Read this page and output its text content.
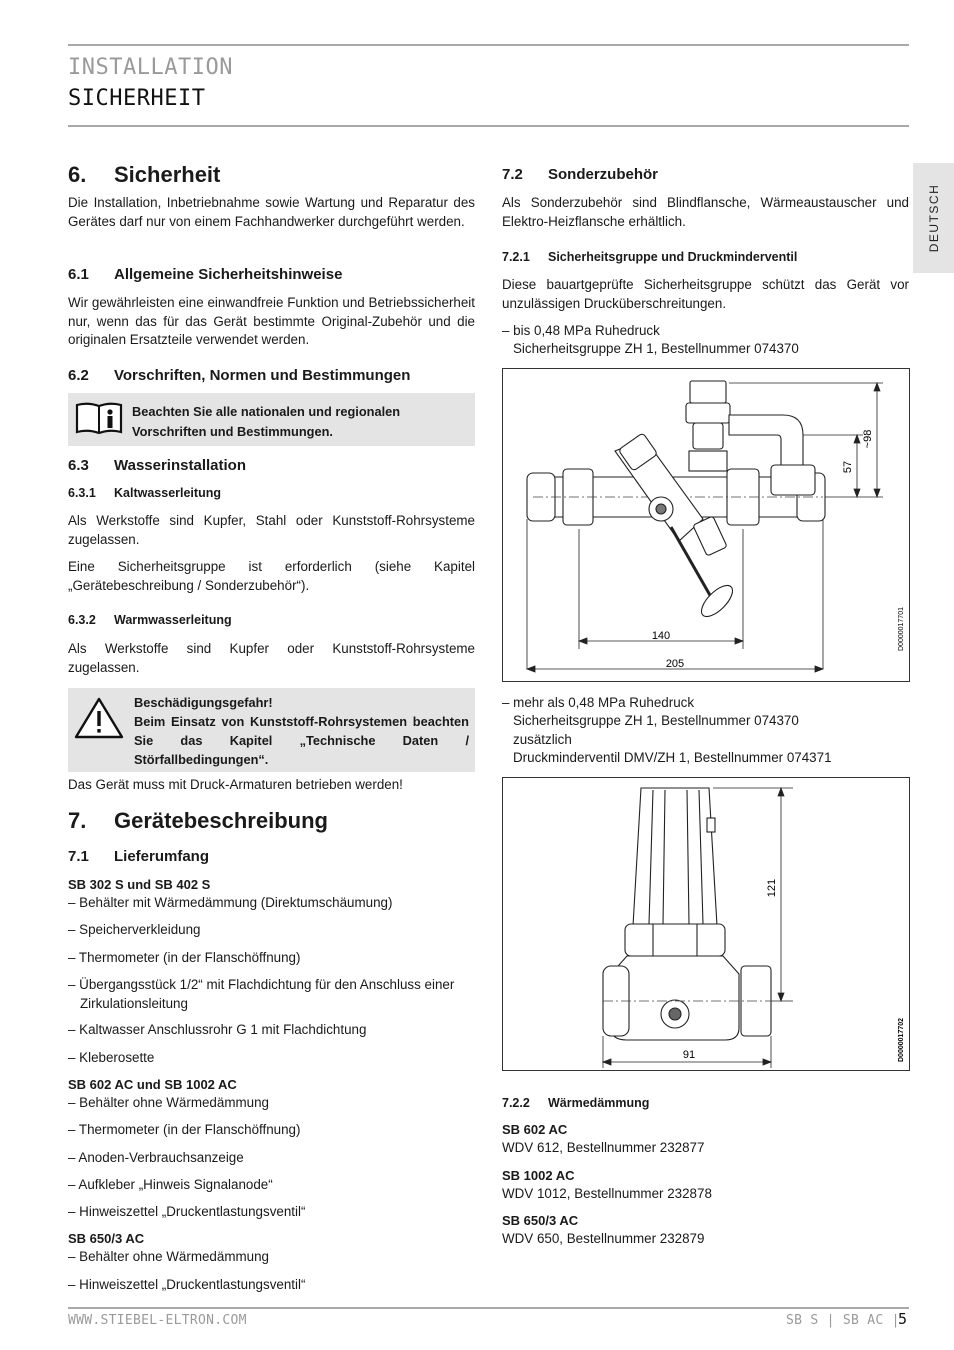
INSTALLATION
SICHERHEIT
DEUTSCH
6. Sicherheit
Die Installation, Inbetriebnahme sowie Wartung und Reparatur des Gerätes darf nur von einem Fachhandwerker durchgeführt werden.
6.1 Allgemeine Sicherheitshinweise
Wir gewährleisten eine einwandfreie Funktion und Betriebssicherheit nur, wenn das für das Gerät bestimmte Original-Zubehör und die originalen Ersatzteile verwendet werden.
6.2 Vorschriften, Normen und Bestimmungen
Beachten Sie alle nationalen und regionalen Vorschriften und Bestimmungen.
6.3 Wasserinstallation
6.3.1 Kaltwasserleitung
Als Werkstoffe sind Kupfer, Stahl oder Kunststoff-Rohrsysteme zugelassen.
Eine Sicherheitsgruppe ist erforderlich (siehe Kapitel „Gerätebeschreibung / Sonderzubehör“).
6.3.2 Warmwasserleitung
Als Werkstoffe sind Kupfer oder Kunststoff-Rohrsysteme zugelassen.
Beschädigungsgefahr!
Beim Einsatz von Kunststoff-Rohrsystemen beachten Sie das Kapitel „Technische Daten / Störfallbedingungen“.
Das Gerät muss mit Druck-Armaturen betrieben werden!
7. Gerätebeschreibung
7.1 Lieferumfang
SB 302 S und SB 402 S
– Behälter mit Wärmedämmung (Direktumschäumung)
– Speicherverkleidung
– Thermometer (in der Flanschöffnung)
– Übergangsstück 1/2“ mit Flachdichtung für den Anschluss einer Zirkulationsleitung
– Kaltwasser Anschlussrohr G 1 mit Flachdichtung
– Kleberosette
SB 602 AC und SB 1002 AC
– Behälter ohne Wärmedämmung
– Thermometer (in der Flanschöffnung)
– Anoden-Verbrauchsanzeige
– Aufkleber „Hinweis Signalanode“
– Hinweiszettel „Druckentlastungsventil“
SB 650/3 AC
– Behälter ohne Wärmedämmung
– Hinweiszettel „Druckentlastungsventil“
7.2 Sonderzubehör
Als Sonderzubehör sind Blindflansche, Wärmeaustauscher und Elektro-Heizflansche erhältlich.
7.2.1 Sicherheitsgruppe und Druckminderventil
Diese bauartgeprüfte Sicherheitsgruppe schützt das Gerät vor unzulässigen Drucküberschreitungen.
– bis 0,48 MPa Ruhedruck
Sicherheitsgruppe ZH 1, Bestellnummer 074370
140
205
57
~98
D0000017701
– mehr als 0,48 MPa Ruhedruck
Sicherheitsgruppe ZH 1, Bestellnummer 074370
zusätzlich
Druckminderventil DMV/ZH 1, Bestellnummer 074371
121
91	D0000017702
7.2.2 Wärmedämmung
SB 602 AC
WDV 612, Bestellnummer 232877
SB 1002 AC
WDV 1012, Bestellnummer 232878
SB 650/3 AC
WDV 650, Bestellnummer 232879
WWW.STIEBEL-ELTRON.COM	SB S | SB AC |
5
